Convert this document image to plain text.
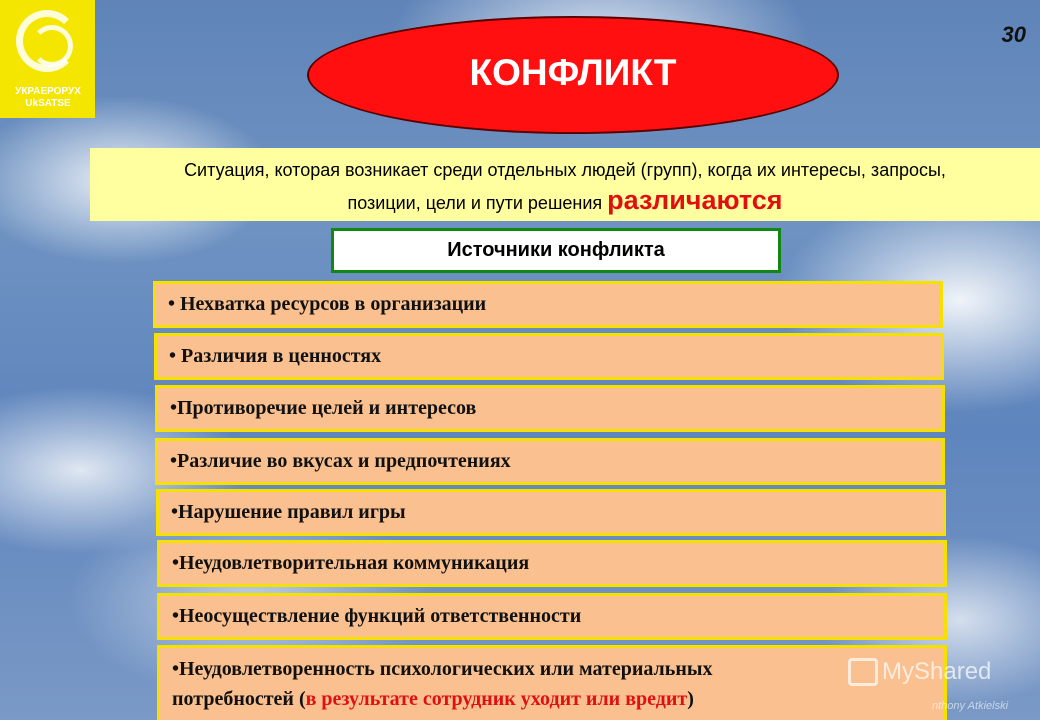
УКРАЕРОРУХ
UkSATSE
30
КОНФЛИКТ
Ситуация, которая возникает среди отдельных людей (групп), когда их интересы, запросы,
позиции, цели и пути решения различаются
Источники конфликта
• Нехватка ресурсов в организации
• Различия в ценностях
•Противоречие целей и интересов
•Различие во вкусах и предпочтениях
•Нарушение правил игры
•Неудовлетворительная коммуникация
•Неосуществление функций ответственности
•Неудовлетворенность психологических или материальных
потребностей (в результате сотрудник уходит или вредит)
MyShared
nthony Atkielski
